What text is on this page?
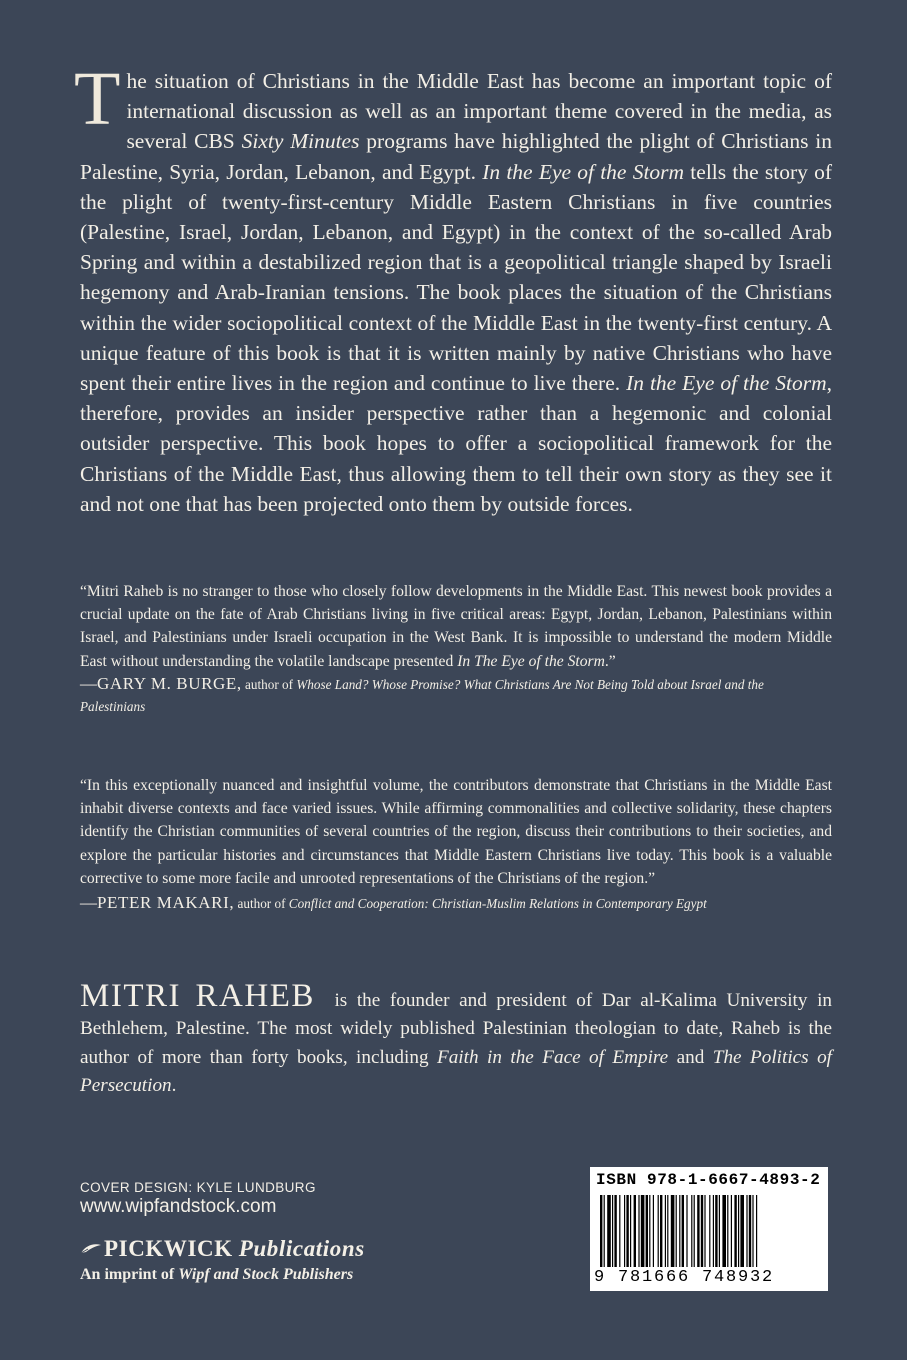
The situation of Christians in the Middle East has become an important topic of international discussion as well as an important theme covered in the media, as several CBS Sixty Minutes programs have highlighted the plight of Christians in Palestine, Syria, Jordan, Lebanon, and Egypt. In the Eye of the Storm tells the story of the plight of twenty-first-century Middle Eastern Christians in five countries (Palestine, Israel, Jordan, Lebanon, and Egypt) in the context of the so-called Arab Spring and within a destabilized region that is a geopolitical triangle shaped by Israeli hegemony and Arab-Iranian tensions. The book places the situation of the Christians within the wider sociopolitical context of the Middle East in the twenty-first century. A unique feature of this book is that it is written mainly by native Christians who have spent their entire lives in the region and continue to live there. In the Eye of the Storm, therefore, provides an insider perspective rather than a hegemonic and colonial outsider perspective. This book hopes to offer a sociopolitical framework for the Christians of the Middle East, thus allowing them to tell their own story as they see it and not one that has been projected onto them by outside forces.
“Mitri Raheb is no stranger to those who closely follow developments in the Middle East. This newest book provides a crucial update on the fate of Arab Christians living in five critical areas: Egypt, Jordan, Lebanon, Palestinians within Israel, and Palestinians under Israeli occupation in the West Bank. It is impossible to understand the modern Middle East without understanding the volatile landscape presented In The Eye of the Storm.”
—GARY M. BURGE, author of Whose Land? Whose Promise? What Christians Are Not Being Told about Israel and the Palestinians
“In this exceptionally nuanced and insightful volume, the contributors demonstrate that Christians in the Middle East inhabit diverse contexts and face varied issues. While affirming commonalities and collective solidarity, these chapters identify the Christian communities of several countries of the region, discuss their contributions to their societies, and explore the particular histories and circumstances that Middle Eastern Christians live today. This book is a valuable corrective to some more facile and unrooted representations of the Christians of the region.”
—PETER MAKARI, author of Conflict and Cooperation: Christian-Muslim Relations in Contemporary Egypt
MITRI RAHEB is the founder and president of Dar al-Kalima University in Bethlehem, Palestine. The most widely published Palestinian theologian to date, Raheb is the author of more than forty books, including Faith in the Face of Empire and The Politics of Persecution.
COVER DESIGN: KYLE LUNDBURG
www.wipfandstock.com
PICKWICK Publications
An imprint of Wipf and Stock Publishers
ISBN 978-1-6667-4893-2
9 781666 748932
